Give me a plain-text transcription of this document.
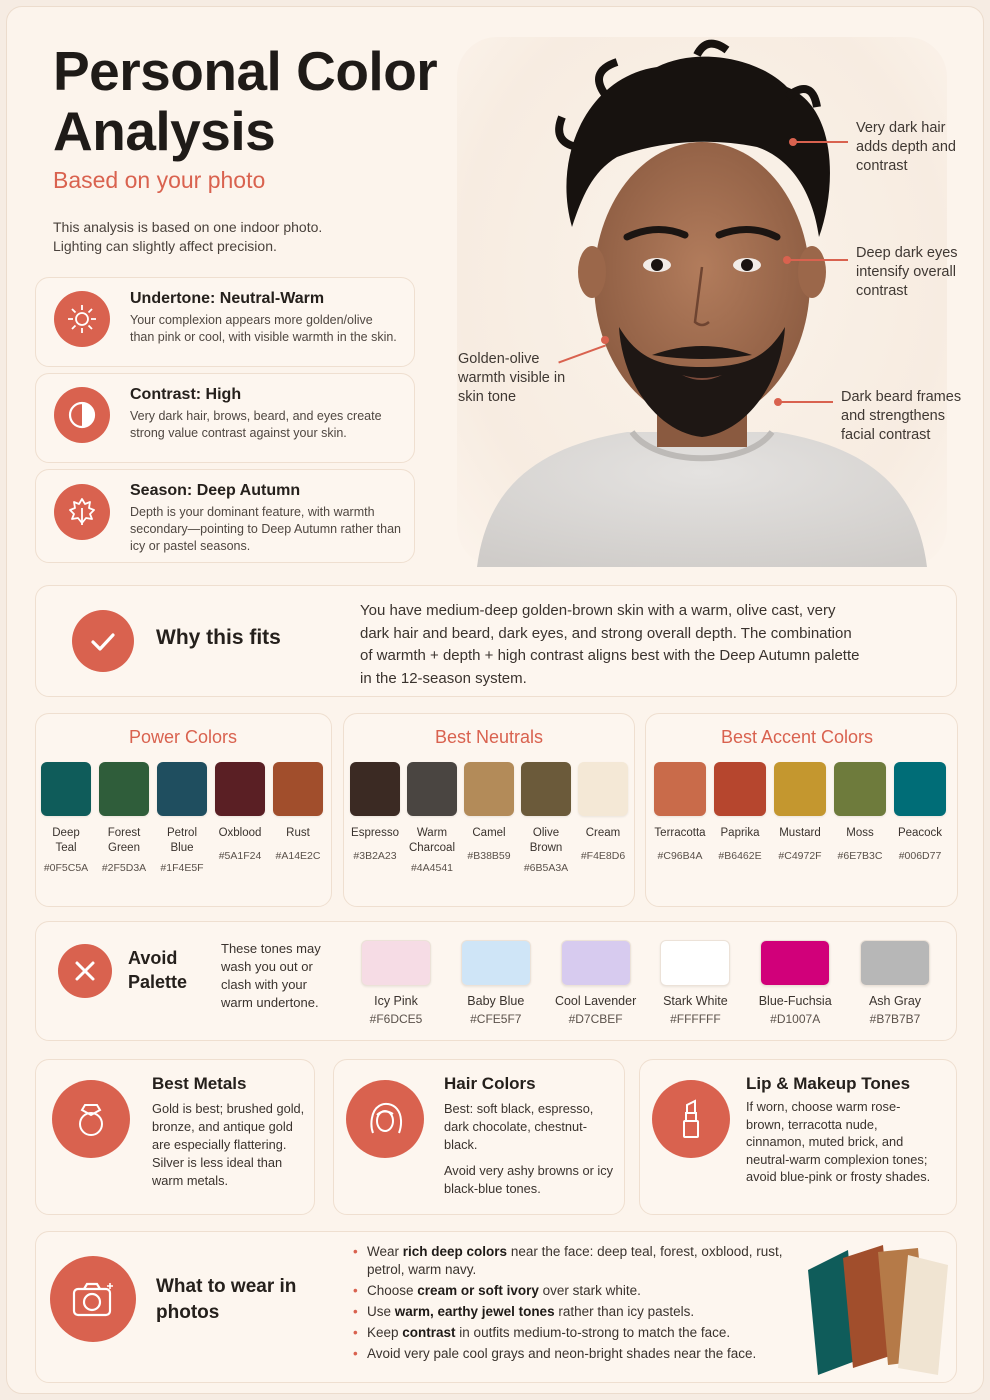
Personal Color Analysis
Based on your photo
This analysis is based on one indoor photo. Lighting can slightly affect precision.
Undertone: Neutral-Warm
Your complexion appears more golden/olive than pink or cool, with visible warmth in the skin.
Contrast: High
Very dark hair, brows, beard, and eyes create strong value contrast against your skin.
Season: Deep Autumn
Depth is your dominant feature, with warmth secondary—pointing to Deep Autumn rather than icy or pastel seasons.
Very dark hair adds depth and contrast
Deep dark eyes intensify overall contrast
Golden-olive warmth visible in skin tone	Dark beard frames and strengthens facial contrast
Why this fits
You have medium-deep golden-brown skin with a warm, olive cast, very dark hair and beard, dark eyes, and strong overall depth. The combination of warmth + depth + high contrast aligns best with the Deep Autumn palette in the 12-season system.
Power Colors
Deep
Teal
#0F5C5A
Forest
Green
#2F5D3A
Petrol
Blue
#1F4E5F
Oxblood
#5A1F24
Rust
#A14E2C
Best Neutrals
Espresso
#3B2A23
Warm
Charcoal
#4A4541
Camel
#B38B59
Olive
Brown
#6B5A3A
Cream
#F4E8D6
Best Accent Colors
Terracotta
#C96B4A
Paprika
#B6462E
Mustard
#C4972F
Moss
#6E7B3C
Peacock
#006D77
Avoid Palette
These tones may wash you out or clash with your warm undertone.	Icy Pink
#F6DCE5
Baby Blue
#CFE5F7
Cool Lavender
#D7CBEF
Stark White
#FFFFFF
Blue-Fuchsia
#D1007A
Ash Gray
#B7B7B7
Best Metals
Gold is best; brushed gold, bronze, and antique gold are especially flattering. Silver is less ideal than warm metals.
Hair Colors
Best: soft black, espresso, dark chocolate, chestnut-black.
Avoid very ashy browns or icy black-blue tones.
Lip & Makeup Tones
If worn, choose warm rose-brown, terracotta nude, cinnamon, muted brick, and neutral-warm complexion tones; avoid blue-pink or frosty shades.
What to wear in photos
• Wear rich deep colors near the face: deep teal, forest, oxblood, rust, petrol, warm navy.
• Choose cream or soft ivory over stark white.
• Use warm, earthy jewel tones rather than icy pastels.
• Keep contrast in outfits medium-to-strong to match the face.
• Avoid very pale cool grays and neon-bright shades near the face.
